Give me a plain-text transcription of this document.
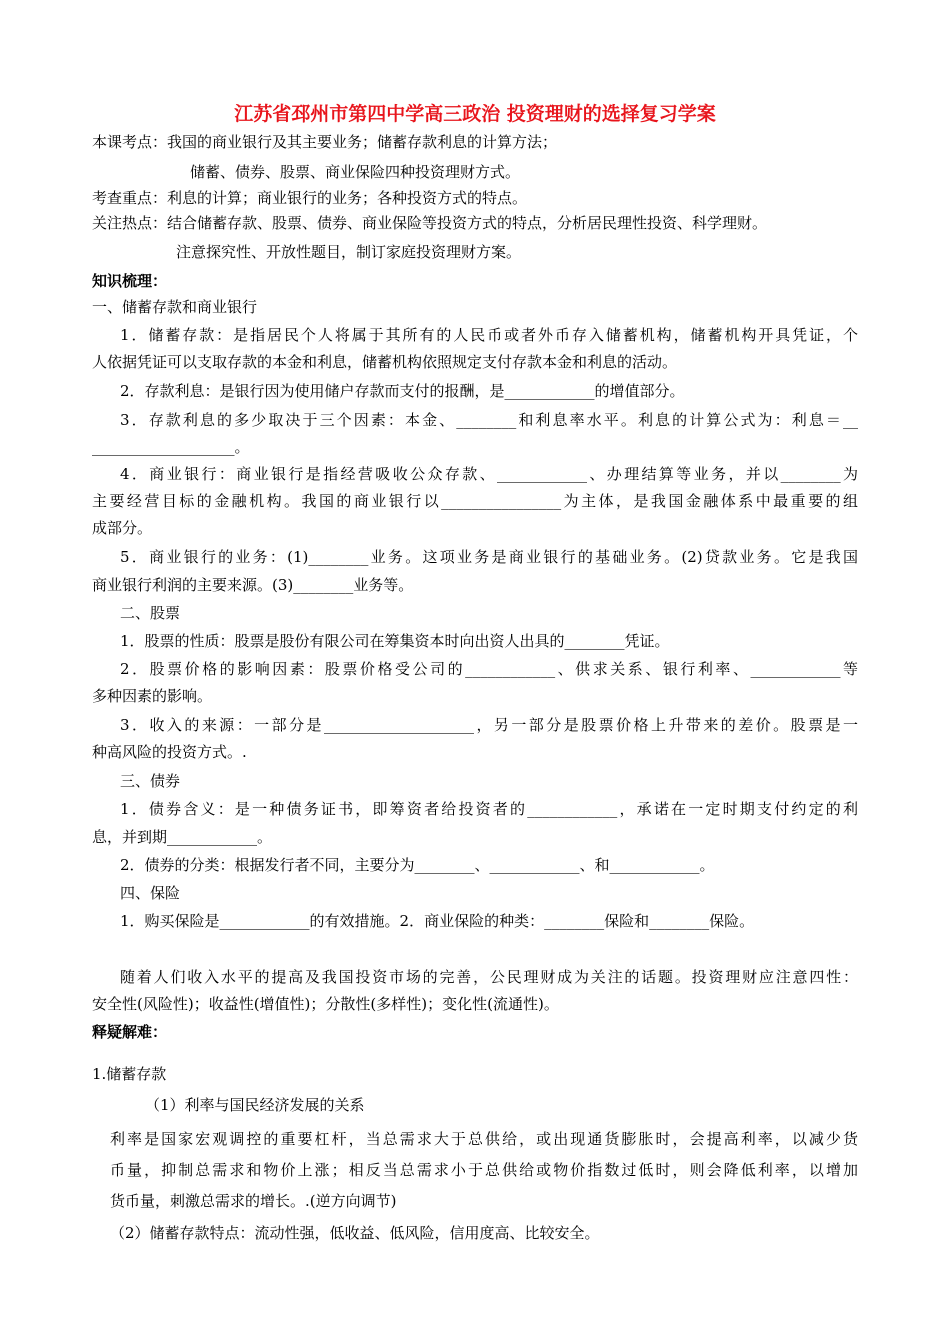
江苏省邳州市第四中学高三政治 投资理财的选择复习学案
本课考点：我国的商业银行及其主要业务；储蓄存款利息的计算方法；
储蓄、债券、股票、商业保险四种投资理财方式。
考查重点：利息的计算；商业银行的业务；各种投资方式的特点。
关注热点：结合储蓄存款、股票、债券、商业保险等投资方式的特点，分析居民理性投资、科学理财。
注意探究性、开放性题目，制订家庭投资理财方案。
知识梳理：
一、储蓄存款和商业银行
1．储蓄存款：是指居民个人将属于其所有的人民币或者外币存入储蓄机构，储蓄机构开具凭证，个
人依据凭证可以支取存款的本金和利息，储蓄机构依照规定支付存款本金和利息的活动。
2．存款利息：是银行因为使用储户存款而支付的报酬，是____________的增值部分。
3．存款利息的多少取决于三个因素：本金、________和利息率水平。利息的计算公式为：利息＝__
___________________。
4．商业银行：商业银行是指经营吸收公众存款、____________、办理结算等业务，并以________为
主要经营目标的金融机构。我国的商业银行以________________为主体，是我国金融体系中最重要的组
成部分。
5．商业银行的业务：(1)________业务。这项业务是商业银行的基础业务。(2)贷款业务。它是我国
商业银行利润的主要来源。(3)________业务等。
二、股票
1．股票的性质：股票是股份有限公司在筹集资本时向出资人出具的________凭证。
2．股票价格的影响因素：股票价格受公司的____________、供求关系、银行利率、____________等
多种因素的影响。
3．收入的来源：一部分是____________________，另一部分是股票价格上升带来的差价。股票是一
种高风险的投资方式。.
三、债券
1．债券含义：是一种债务证书，即筹资者给投资者的____________，承诺在一定时期支付约定的利
息，并到期____________。
2．债券的分类：根据发行者不同，主要分为________、____________、和____________。
四、保险
1．购买保险是____________的有效措施。2．商业保险的种类：________保险和________保险。
随着人们收入水平的提高及我国投资市场的完善，公民理财成为关注的话题。投资理财应注意四性：
安全性(风险性)；收益性(增值性)；分散性(多样性)；变化性(流通性)。
释疑解难：
1.储蓄存款
（1）利率与国民经济发展的关系
利率是国家宏观调控的重要杠杆，当总需求大于总供给，或出现通货膨胀时，会提高利率，以减少货
币量，抑制总需求和物价上涨；相反当总需求小于总供给或物价指数过低时，则会降低利率，以增加
货币量，刺激总需求的增长。.(逆方向调节)
（2）储蓄存款特点：流动性强，低收益、低风险，信用度高、比较安全。
